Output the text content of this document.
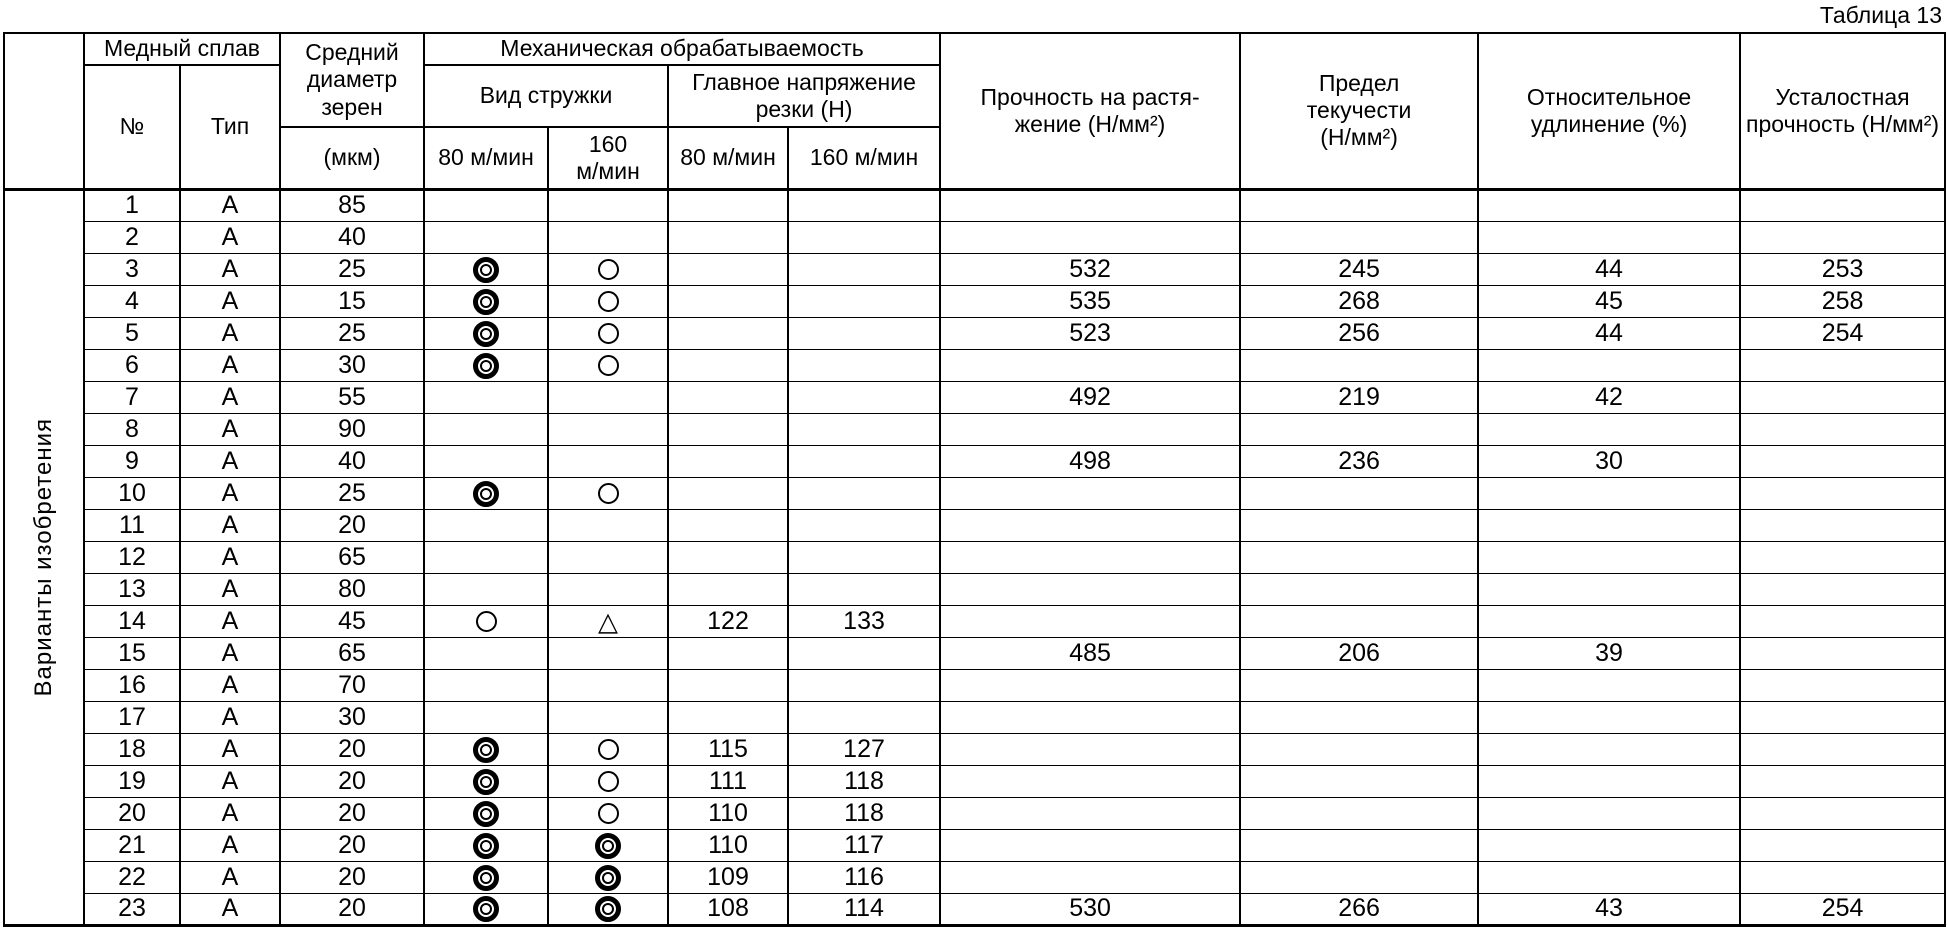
Таблица 13
	Медный сплав		Средний
диаметр
зерен	Механическая обрабатываемость				Прочность на растя-
жение (Н/мм²)	Предел
текучести
(Н/мм²)	Относительное
удлинение (%)	Усталостная
прочность (Н/мм²)
	№	Тип		Вид стружки		Главное напряжение
резки (Н)					
			(мкм)	80 м/мин	160
м/мин	80 м/мин	160 м/мин				

Варианты изобретения	1	А	85								
	2	А	40								
	3	А	25					532	245	44	253
	4	А	15					535	268	45	258
	5	А	25					523	256	44	254
	6	А	30	

	7	А	55					492	219	42	
	8	А	90								
	9	А	40					498	236	30	
	10	А	25	

	11	А	20								
	12	А	65								
	13	А	80								
	14	А	45		△	122	133				
	15	А	65					485	206	39	
	16	А	70								
	17	А	30								
	18	А	20			115	127				
	19	А	20			111	118				
	20	А	20			110	118				
	21	А	20			110	117				
	22	А	20			109	116				
	23	А	20			108	114	530	266	43	254
